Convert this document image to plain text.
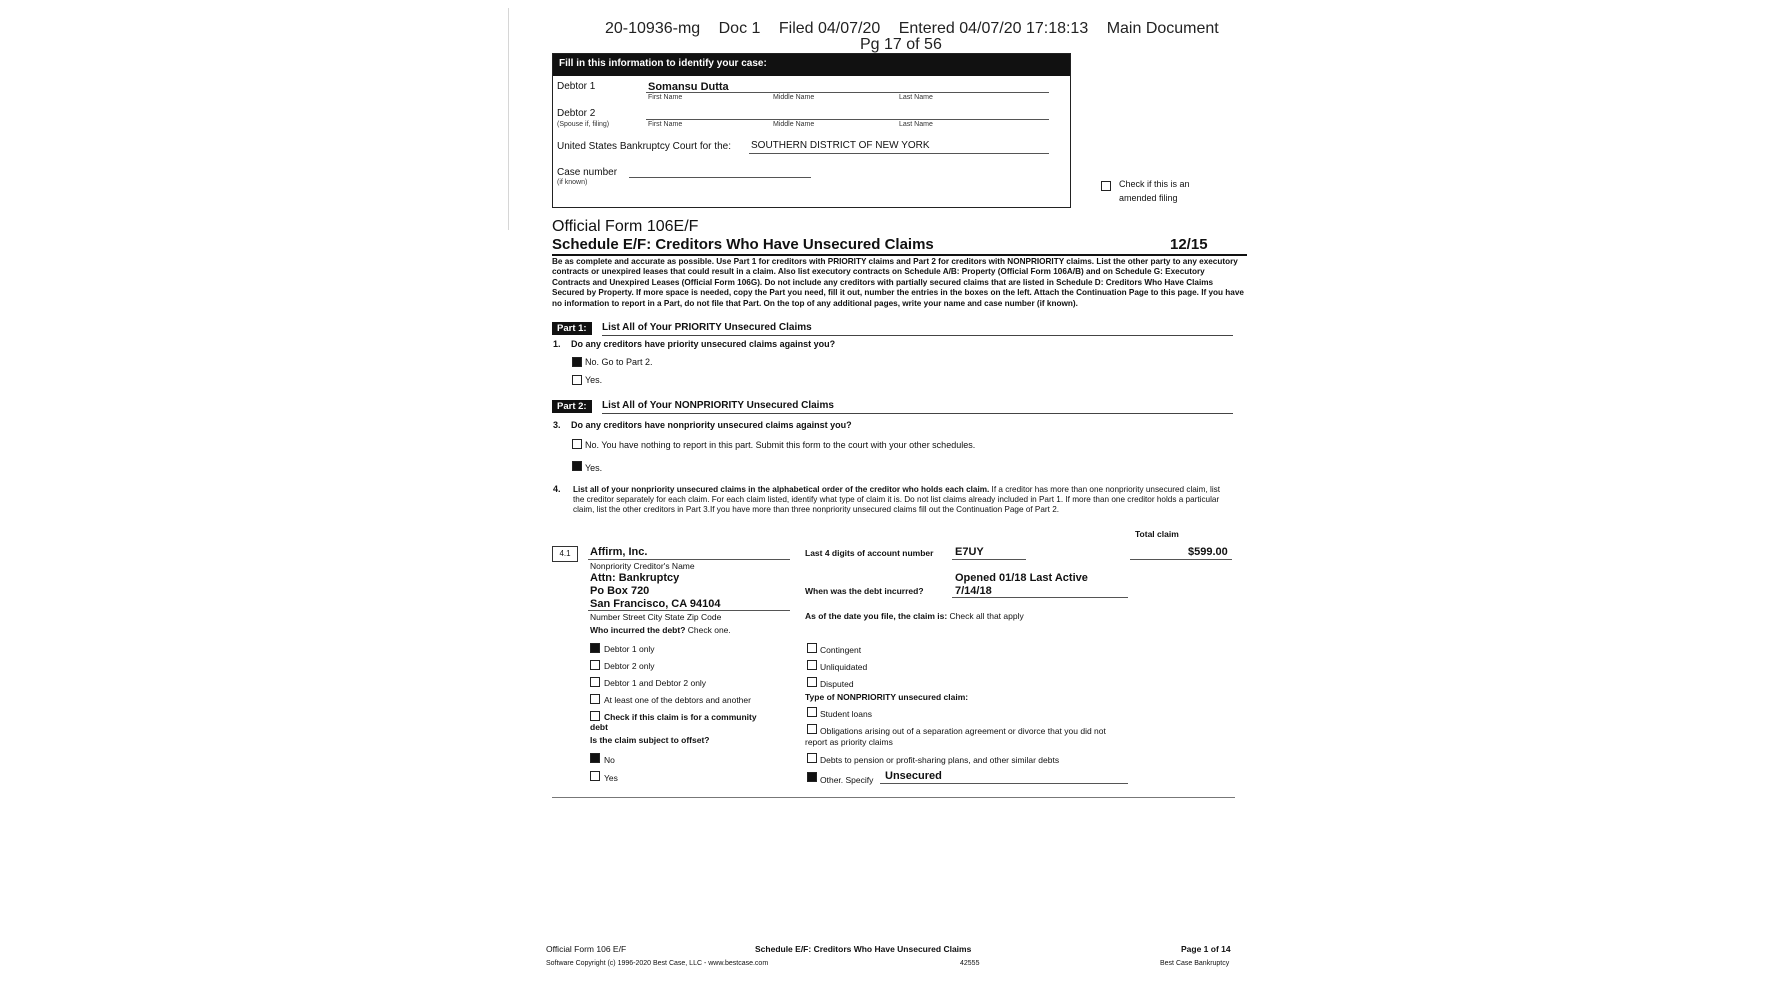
20-10936-mg Doc 1 Filed 04/07/20 Entered 04/07/20 17:18:13 Main Document
Pg 17 of 56
Fill in this information to identify your case:
Debtor 1	Somansu Dutta
First Name	Middle Name	Last Name
Debtor 2
(Spouse if, filing)	First Name	Middle Name	Last Name
United States Bankruptcy Court for the: SOUTHERN DISTRICT OF NEW YORK
Case number
(if known)	Check if this is an
amended filing
Official Form 106E/F
Schedule E/F: Creditors Who Have Unsecured Claims	12/15
Be as complete and accurate as possible. Use Part 1 for creditors with PRIORITY claims and Part 2 for creditors with NONPRIORITY claims. List the other party to any executory contracts or unexpired leases that could result in a claim. Also list executory contracts on Schedule A/B: Property (Official Form 106A/B) and on Schedule G: Executory Contracts and Unexpired Leases (Official Form 106G). Do not include any creditors with partially secured claims that are listed in Schedule D: Creditors Who Have Claims Secured by Property. If more space is needed, copy the Part you need, fill it out, number the entries in the boxes on the left. Attach the Continuation Page to this page. If you have no information to report in a Part, do not file that Part. On the top of any additional pages, write your name and case number (if known).
Part 1:	List All of Your PRIORITY Unsecured Claims
1. Do any creditors have priority unsecured claims against you?
No. Go to Part 2.
Yes.
Part 2:	List All of Your NONPRIORITY Unsecured Claims
3. Do any creditors have nonpriority unsecured claims against you?
No. You have nothing to report in this part. Submit this form to the court with your other schedules.
Yes.
4. List all of your nonpriority unsecured claims in the alphabetical order of the creditor who holds each claim. If a creditor has more than one nonpriority unsecured claim, list the creditor separately for each claim. For each claim listed, identify what type of claim it is. Do not list claims already included in Part 1. If more than one creditor holds a particular claim, list the other creditors in Part 3.If you have more than three nonpriority unsecured claims fill out the Continuation Page of Part 2.
Total claim
4.1	Affirm, Inc.
Nonpriority Creditor's Name
Attn: Bankruptcy
Po Box 720
San Francisco, CA 94104
Number Street City State Zip Code
Last 4 digits of account number E7UY	$599.00
Opened 01/18 Last Active
When was the debt incurred?	7/14/18
Who incurred the debt? Check one.
Debtor 1 only
Debtor 2 only
Debtor 1 and Debtor 2 only
At least one of the debtors and another
Check if this claim is for a community
debt
Is the claim subject to offset?
No
Yes
As of the date you file, the claim is: Check all that apply
Contingent
Unliquidated
Disputed
Type of NONPRIORITY unsecured claim:
Student loans
Obligations arising out of a separation agreement or divorce that you did not
report as priority claims
Debts to pension or profit-sharing plans, and other similar debts
Other. Specify Unsecured
Official Form 106 E/F	Schedule E/F: Creditors Who Have Unsecured Claims	Page 1 of 14
Software Copyright (c) 1996-2020 Best Case, LLC - www.bestcase.com	42555	Best Case Bankruptcy
